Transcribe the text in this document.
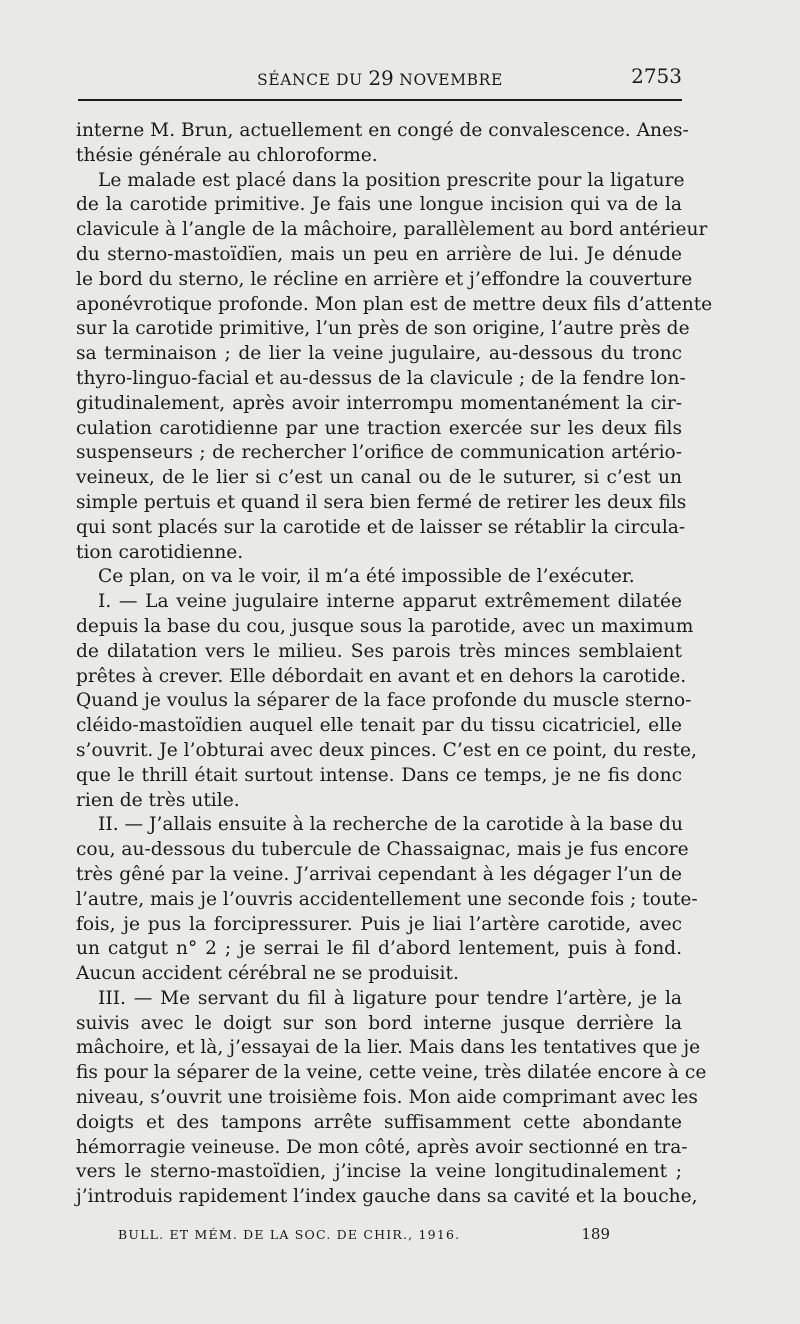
SÉANCE DU 29 NOVEMBRE	2753
interne M. Brun, actuellement en congé de convalescence. Anes-
thésie générale au chloroforme.
Le malade est placé dans la position prescrite pour la ligature
de la carotide primitive. Je fais une longue incision qui va de la
clavicule à l’angle de la mâchoire, parallèlement au bord antérieur
du sterno-mastoïdïen, mais un peu en arrière de lui. Je dénude
le bord du sterno, le récline en arrière et j’effondre la couverture
aponévrotique profonde. Mon plan est de mettre deux fils d’attente
sur la carotide primitive, l’un près de son origine, l’autre près de
sa terminaison ; de lier la veine jugulaire, au-dessous du tronc
thyro-linguo-facial et au-dessus de la clavicule ; de la fendre lon-
gitudinalement, après avoir interrompu momentanément la cir-
culation carotidienne par une traction exercée sur les deux fils
suspenseurs ; de rechercher l’orifice de communication artério-
veineux, de le lier si c’est un canal ou de le suturer, si c’est un
simple pertuis et quand il sera bien fermé de retirer les deux fils
qui sont placés sur la carotide et de laisser se rétablir la circula-
tion carotidienne.
Ce plan, on va le voir, il m’a été impossible de l’exécuter.
I. — La veine jugulaire interne apparut extrêmement dilatée
depuis la base du cou, jusque sous la parotide, avec un maximum
de dilatation vers le milieu. Ses parois très minces semblaient
prêtes à crever. Elle débordait en avant et en dehors la carotide.
Quand je voulus la séparer de la face profonde du muscle sterno-
cléido-mastoïdien auquel elle tenait par du tissu cicatriciel, elle
s’ouvrit. Je l’obturai avec deux pinces. C’est en ce point, du reste,
que le thrill était surtout intense. Dans ce temps, je ne fis donc
rien de très utile.
II. — J’allais ensuite à la recherche de la carotide à la base du
cou, au-dessous du tubercule de Chassaignac, mais je fus encore
très gêné par la veine. J’arrivai cependant à les dégager l’un de
l’autre, mais je l’ouvris accidentellement une seconde fois ; toute-
fois, je pus la forcipressurer. Puis je liai l’artère carotide, avec
un catgut n° 2 ; je serrai le fil d’abord lentement, puis à fond.
Aucun accident cérébral ne se produisit.
III. — Me servant du fil à ligature pour tendre l’artère, je la
suivis avec le doigt sur son bord interne jusque derrière la
mâchoire, et là, j’essayai de la lier. Mais dans les tentatives que je
fis pour la séparer de la veine, cette veine, très dilatée encore à ce
niveau, s’ouvrit une troisième fois. Mon aide comprimant avec les
doigts et des tampons arrête suffisamment cette abondante
hémorragie veineuse. De mon côté, après avoir sectionné en tra-
vers le sterno-mastoïdien, j’incise la veine longitudinalement ;
j’introduis rapidement l’index gauche dans sa cavité et la bouche,
BULL. ET MÉM. DE LA SOC. DE CHIR., 1916.	189
